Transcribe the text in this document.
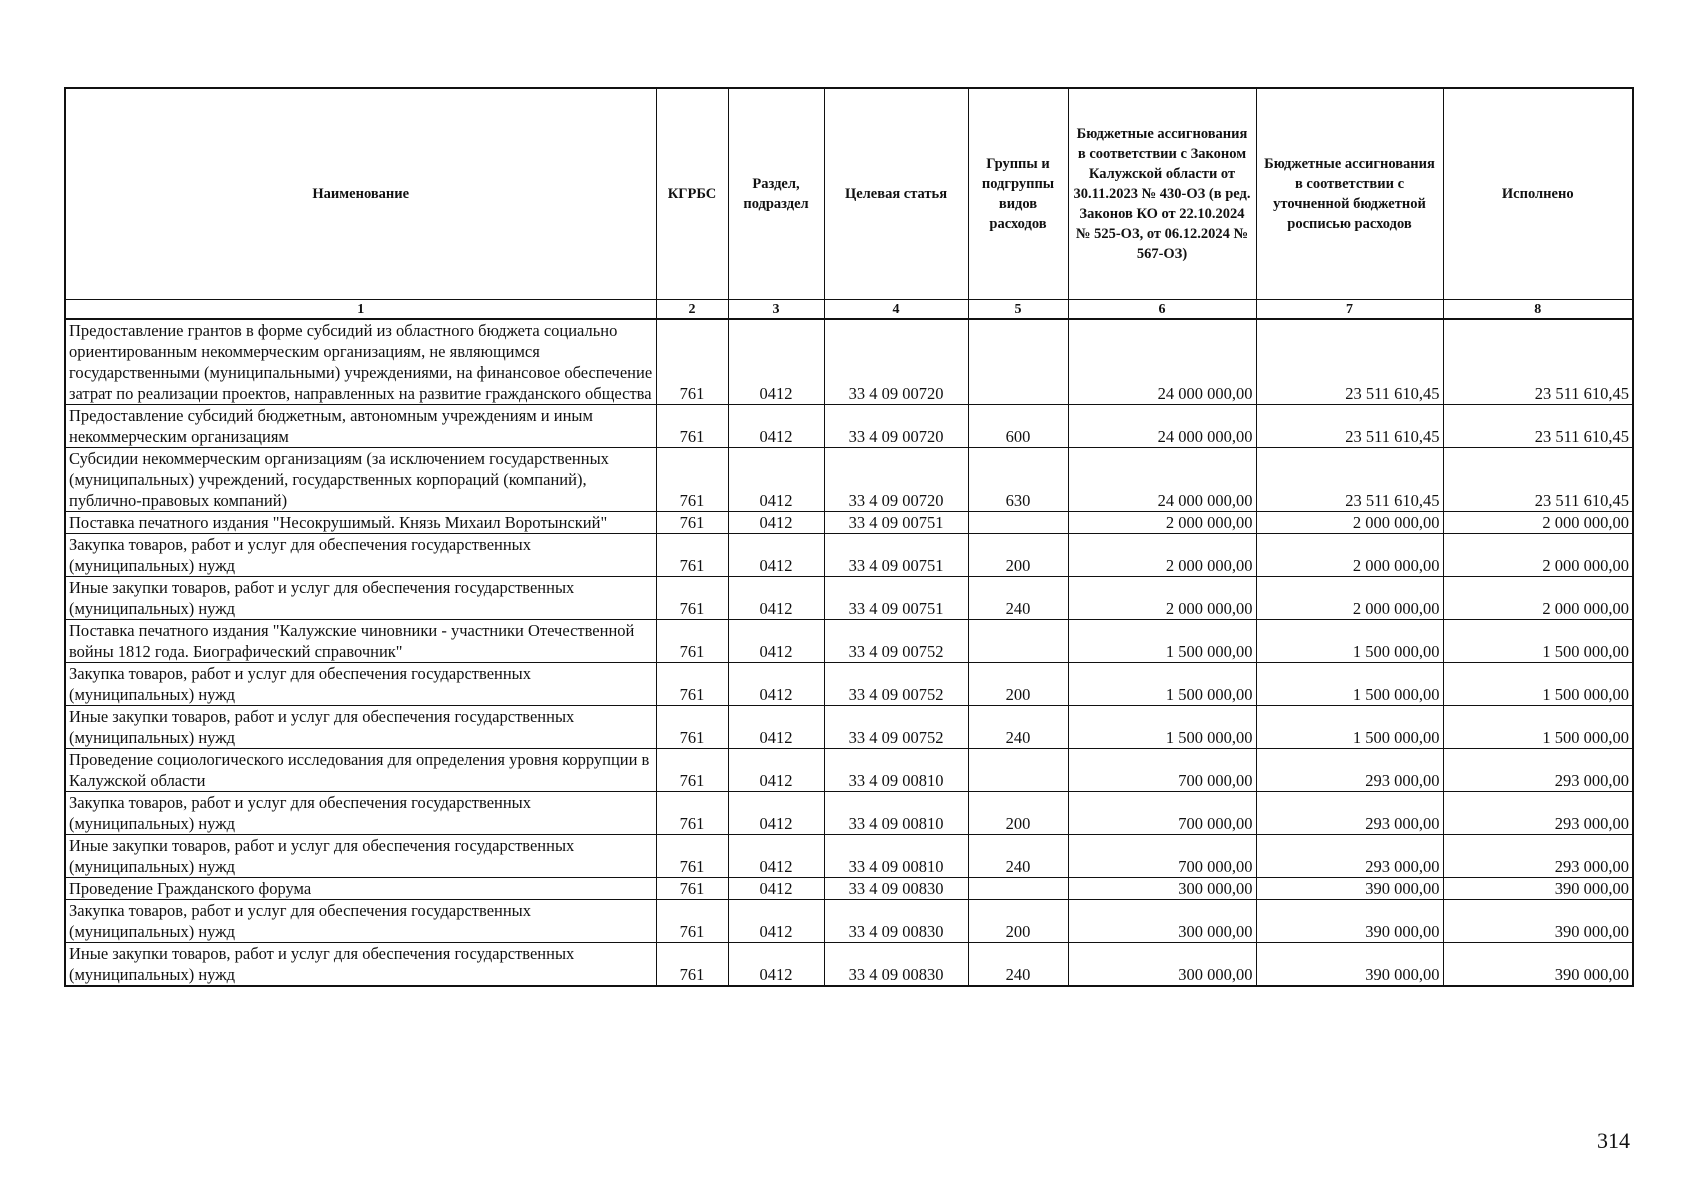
Наименование	КГРБС	Раздел, подраздел	Целевая статья	Группы и подгруппы видов расходов	Бюджетные ассигнования в соответствии с Законом Калужской области от 30.11.2023 № 430-ОЗ (в ред. Законов КО от 22.10.2024 № 525-ОЗ, от 06.12.2024 № 567-ОЗ)	Бюджетные ассигнования в соответствии с уточненной бюджетной росписью расходов	Исполнено
1	2	3	4	5	6	7	8
Предоставление грантов в форме субсидий из областного бюджета социально ориентированным некоммерческим организациям, не являющимся государственными (муниципальными) учреждениями, на финансовое обеспечение затрат по реализации проектов, направленных на развитие гражданского общества	761	0412	33 4 09 00720		24 000 000,00	23 511 610,45	23 511 610,45
Предоставление субсидий бюджетным, автономным учреждениям и иным некоммерческим организациям	761	0412	33 4 09 00720	600	24 000 000,00	23 511 610,45	23 511 610,45
Субсидии некоммерческим организациям (за исключением государственных (муниципальных) учреждений, государственных корпораций (компаний), публично-правовых компаний)	761	0412	33 4 09 00720	630	24 000 000,00	23 511 610,45	23 511 610,45
Поставка печатного издания "Несокрушимый. Князь Михаил Воротынский"	761	0412	33 4 09 00751		2 000 000,00	2 000 000,00	2 000 000,00
Закупка товаров, работ и услуг для обеспечения государственных (муниципальных) нужд	761	0412	33 4 09 00751	200	2 000 000,00	2 000 000,00	2 000 000,00
Иные закупки товаров, работ и услуг для обеспечения государственных (муниципальных) нужд	761	0412	33 4 09 00751	240	2 000 000,00	2 000 000,00	2 000 000,00
Поставка печатного издания "Калужские чиновники - участники Отечественной войны 1812 года. Биографический справочник"	761	0412	33 4 09 00752		1 500 000,00	1 500 000,00	1 500 000,00
Закупка товаров, работ и услуг для обеспечения государственных (муниципальных) нужд	761	0412	33 4 09 00752	200	1 500 000,00	1 500 000,00	1 500 000,00
Иные закупки товаров, работ и услуг для обеспечения государственных (муниципальных) нужд	761	0412	33 4 09 00752	240	1 500 000,00	1 500 000,00	1 500 000,00
Проведение социологического исследования для определения уровня коррупции в Калужской области	761	0412	33 4 09 00810		700 000,00	293 000,00	293 000,00
Закупка товаров, работ и услуг для обеспечения государственных (муниципальных) нужд	761	0412	33 4 09 00810	200	700 000,00	293 000,00	293 000,00
Иные закупки товаров, работ и услуг для обеспечения государственных (муниципальных) нужд	761	0412	33 4 09 00810	240	700 000,00	293 000,00	293 000,00
Проведение Гражданского форума	761	0412	33 4 09 00830		300 000,00	390 000,00	390 000,00
Закупка товаров, работ и услуг для обеспечения государственных (муниципальных) нужд	761	0412	33 4 09 00830	200	300 000,00	390 000,00	390 000,00
Иные закупки товаров, работ и услуг для обеспечения государственных (муниципальных) нужд	761	0412	33 4 09 00830	240	300 000,00	390 000,00	390 000,00
314
